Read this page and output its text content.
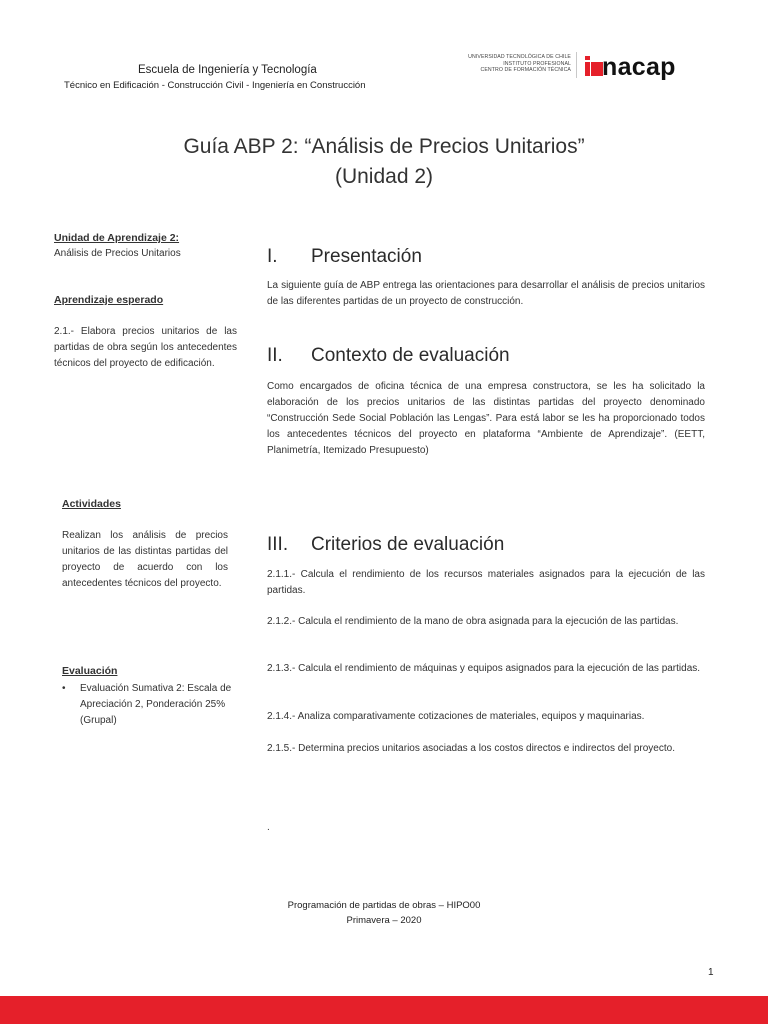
Escuela de Ingeniería y Tecnología
Técnico en Edificación - Construcción Civil - Ingeniería en Construcción
UNIVERSIDAD TECNOLÓGICA DE CHILE
INSTITUTO PROFESIONAL
CENTRO DE FORMACIÓN TÉCNICA nacap
Guía ABP 2: “Análisis de Precios Unitarios”
(Unidad 2)
Unidad de Aprendizaje 2:
Análisis de Precios Unitarios
Aprendizaje esperado
2.1.- Elabora precios unitarios de las partidas de obra según los antecedentes técnicos del proyecto de edificación.
Actividades
Realizan los análisis de precios unitarios de las distintas partidas del proyecto de acuerdo con los antecedentes técnicos del proyecto.
Evaluación
• Evaluación Sumativa 2: Escala de Apreciación 2, Ponderación 25% (Grupal)
I. Presentación
La siguiente guía de ABP entrega las orientaciones para desarrollar el análisis de precios unitarios de las diferentes partidas de un proyecto de construcción.
II. Contexto de evaluación
Como encargados de oficina técnica de una empresa constructora, se les ha solicitado la elaboración de los precios unitarios de las distintas partidas del proyecto denominado “Construcción Sede Social Población las Lengas”. Para está labor se les ha proporcionado todos los antecedentes técnicos del proyecto en plataforma “Ambiente de Aprendizaje”. (EETT, Planimetría, Itemizado Presupuesto)
III. Criterios de evaluación
2.1.1.- Calcula el rendimiento de los recursos materiales asignados para la ejecución de las partidas.
2.1.2.- Calcula el rendimiento de la mano de obra asignada para la ejecución de las partidas.
2.1.3.- Calcula el rendimiento de máquinas y equipos asignados para la ejecución de las partidas.
2.1.4.- Analiza comparativamente cotizaciones de materiales, equipos y maquinarias.
2.1.5.- Determina precios unitarios asociadas a los costos directos e indirectos del proyecto.
.
Programación de partidas de obras – HIPO00
Primavera – 2020
1
